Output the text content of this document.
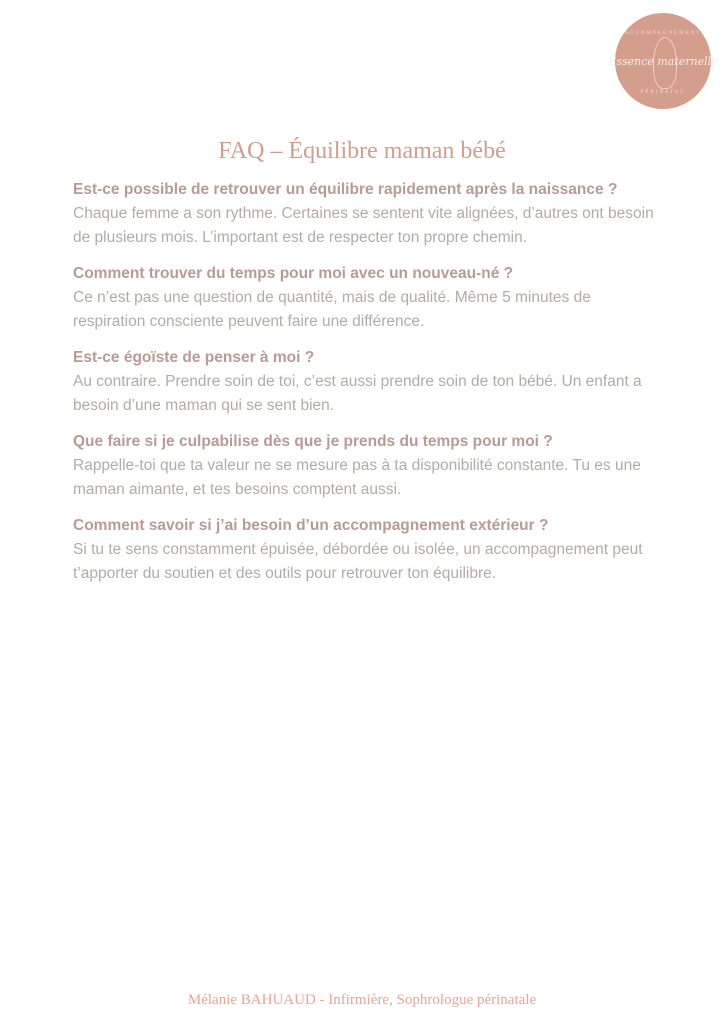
ACCOMPAGNEMENT
Essence maternelle
PÉRINATAL
FAQ – Équilibre maman bébé
Est-ce possible de retrouver un équilibre rapidement après la naissance ?
Chaque femme a son rythme. Certaines se sentent vite alignées, d’autres ont besoin de plusieurs mois. L’important est de respecter ton propre chemin.
Comment trouver du temps pour moi avec un nouveau-né ?
Ce n’est pas une question de quantité, mais de qualité. Même 5 minutes de respiration consciente peuvent faire une différence.
Est-ce égoïste de penser à moi ?
Au contraire. Prendre soin de toi, c’est aussi prendre soin de ton bébé. Un enfant a besoin d’une maman qui se sent bien.
Que faire si je culpabilise dès que je prends du temps pour moi ?
Rappelle-toi que ta valeur ne se mesure pas à ta disponibilité constante. Tu es une maman aimante, et tes besoins comptent aussi.
Comment savoir si j’ai besoin d’un accompagnement extérieur ?
Si tu te sens constamment épuisée, débordée ou isolée, un accompagnement peut t’apporter du soutien et des outils pour retrouver ton équilibre.
Mélanie BAHUAUD - Infirmière, Sophrologue périnatale
